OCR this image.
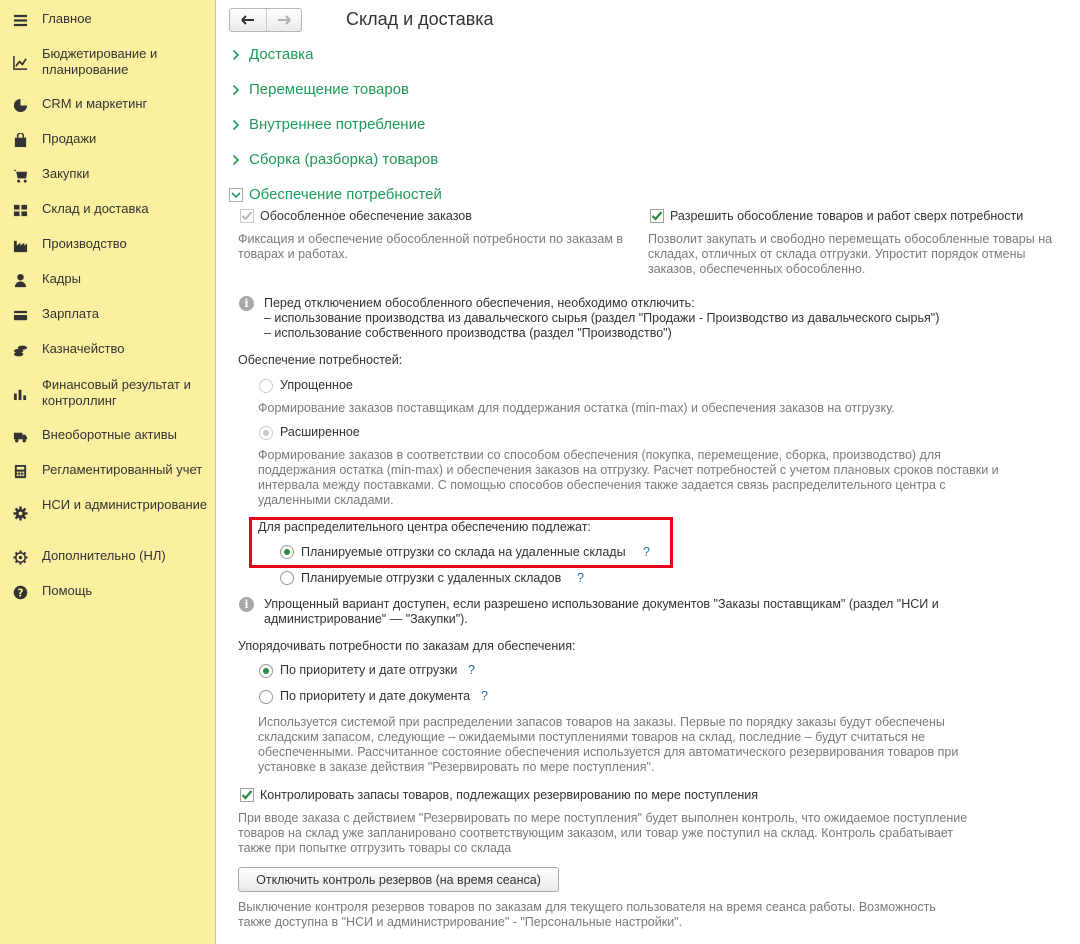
Главное
Бюджетирование и планирование
CRM и маркетинг
Продажи
Закупки
Склад и доставка
Производство
Кадры
Зарплата
Казначейство
Финансовый результат и контроллинг
Внеоборотные активы
Регламентированный учет
НСИ и администрирование
Дополнительно (НЛ)
? Помощь
Склад и доставка
Доставка
Перемещение товаров
Внутреннее потребление
Сборка (разборка) товаров
Обеспечение потребностей
Обособленное обеспечение заказов
Фиксация и обеспечение обособленной потребности по заказам в товарах и работах.
Разрешить обособление товаров и работ сверх потребности
Позволит закупать и свободно перемещать обособленные товары на складах, отличных от склада отгрузки. Упростит порядок отмены заказов, обеспеченных обособленно.
i	Перед отключением обособленного обеспечения, необходимо отключить:
– использование производства из давальческого сырья (раздел "Продажи - Производство из давальческого сырья")
– использование собственного производства (раздел "Производство")
Обеспечение потребностей:
Упрощенное
Формирование заказов поставщикам для поддержания остатка (min-max) и обеспечения заказов на отгрузку.
Расширенное
Формирование заказов в соответствии со способом обеспечения (покупка, перемещение, сборка, производство) для поддержания остатка (min-max) и обеспечения заказов на отгрузку. Расчет потребностей с учетом плановых сроков поставки и интервала между поставками. С помощью способов обеспечения также задается связь распределительного центра с удаленными складами.
Для распределительного центра обеспечению подлежат:
Планируемые отгрузки со склада на удаленные склады ?
Планируемые отгрузки с удаленных складов ?
i	Упрощенный вариант доступен, если разрешено использование документов "Заказы поставщикам" (раздел "НСИ и администрирование" — "Закупки").
Упорядочивать потребности по заказам для обеспечения:
По приоритету и дате отгрузки ?
По приоритету и дате документа ?
Используется системой при распределении запасов товаров на заказы. Первые по порядку заказы будут обеспечены складским запасом, следующие – ожидаемыми поступлениями товаров на склад, последние – будут считаться не обеспеченными. Рассчитанное состояние обеспечения используется для автоматического резервирования товаров при установке в заказе действия "Резервировать по мере поступления".
Контролировать запасы товаров, подлежащих резервированию по мере поступления
При вводе заказа с действием "Резервировать по мере поступления" будет выполнен контроль, что ожидаемое поступление товаров на склад уже запланировано соответствующим заказом, или товар уже поступил на склад. Контроль срабатывает также при попытке отгрузить товары со склада
Отключить контроль резервов (на время сеанса)
Выключение контроля резервов товаров по заказам для текущего пользователя на время сеанса работы. Возможность также доступна в "НСИ и администрирование" - "Персональные настройки".
